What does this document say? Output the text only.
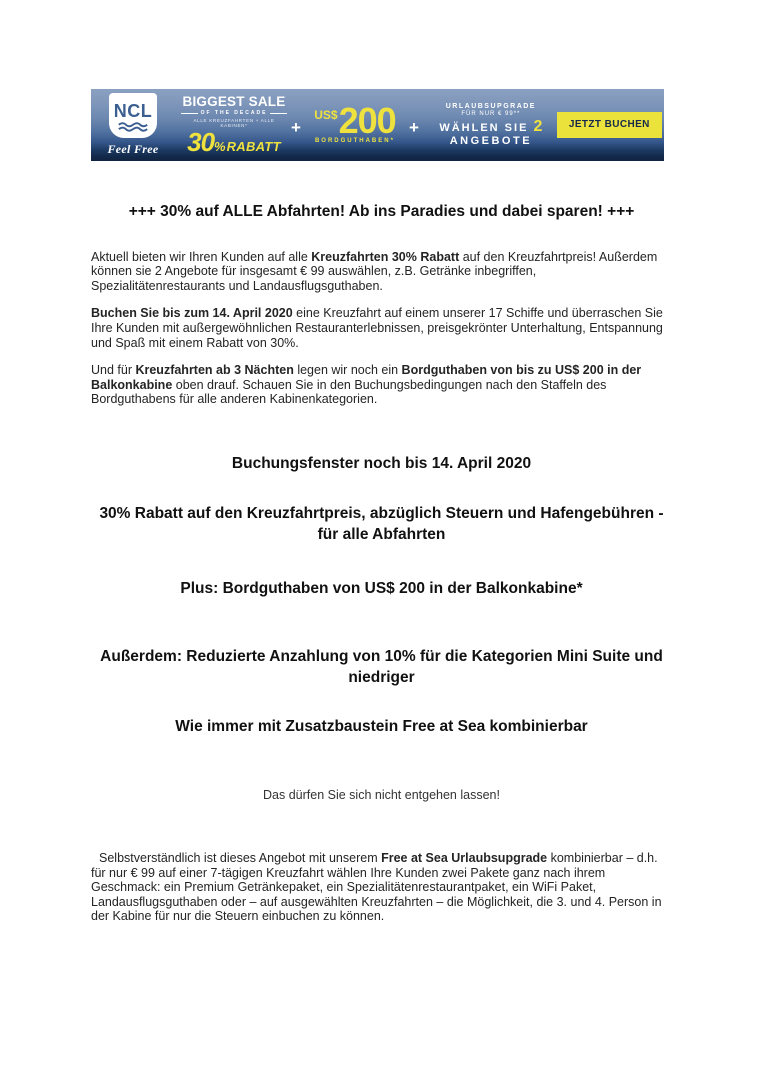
NCL
Feel Free
BIGGEST SALE
OF THE DECADE
ALLE KREUZFAHRTEN + ALLE KABINEN*
30%RABATT
+
US$ 200
BORDGUTHABEN*
+
URLAUBSUPGRADE
FÜR NUR € 99**
WÄHLEN SIE 2
ANGEBOTE
JETZT BUCHEN
+++ 30% auf ALLE Abfahrten! Ab ins Paradies und dabei sparen! +++

Aktuell bieten wir Ihren Kunden auf alle Kreuzfahrten 30% Rabatt auf den Kreuzfahrtpreis! Außerdem können sie 2 Angebote für insgesamt € 99 auswählen, z.B. Getränke inbegriffen, Spezialitätenrestaurants und Landausflugsguthaben.

Buchen Sie bis zum 14. April 2020 eine Kreuzfahrt auf einem unserer 17 Schiffe und überraschen Sie Ihre Kunden mit außergewöhnlichen Restauranterlebnissen, preisgekrönter Unterhaltung, Entspannung und Spaß mit einem Rabatt von 30%.

Und für Kreuzfahrten ab 3 Nächten legen wir noch ein Bordguthaben von bis zu US$ 200 in der Balkonkabine oben drauf. Schauen Sie in den Buchungsbedingungen nach den Staffeln des Bordguthabens für alle anderen Kabinenkategorien.

Buchungsfenster noch bis 14. April 2020
30% Rabatt auf den Kreuzfahrtpreis, abzüglich Steuern und Hafengebühren - für alle Abfahrten
Plus: Bordguthaben von US$ 200 in der Balkonkabine*
Außerdem: Reduzierte Anzahlung von 10% für die Kategorien Mini Suite und niedriger
Wie immer mit Zusatzbaustein Free at Sea kombinierbar

Das dürfen Sie sich nicht entgehen lassen!

Selbstverständlich ist dieses Angebot mit unserem Free at Sea Urlaubsupgrade kombinierbar – d.h. für nur € 99 auf einer 7-tägigen Kreuzfahrt wählen Ihre Kunden zwei Pakete ganz nach ihrem Geschmack: ein Premium Getränkepaket, ein Spezialitätenrestaurantpaket, ein WiFi Paket, Landausflugsguthaben oder – auf ausgewählten Kreuzfahrten – die Möglichkeit, die 3. und 4. Person in der Kabine für nur die Steuern einbuchen zu können.
